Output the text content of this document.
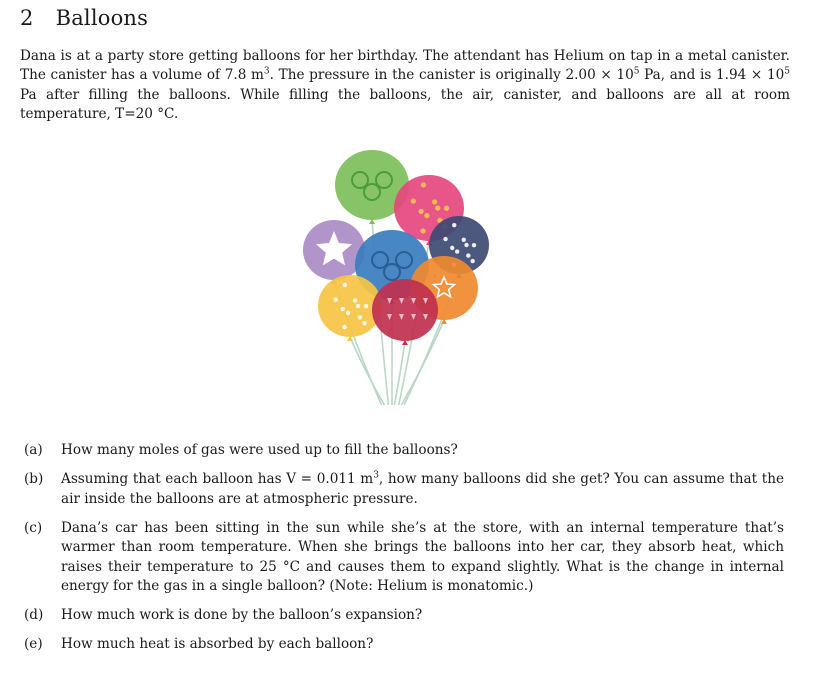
2 Balloons
Dana is at a party store getting balloons for her birthday. The attendant has Helium on tap in a metal canister. The canister has a volume of 7.8 $m^3$. The pressure in the canister is originally $2.00 \times 10^5$ Pa, and is $1.94 \times 10^5$ Pa after filling the balloons. While filling the balloons, the air, canister, and balloons are all at room temperature, T=20 °C.
(a) How many moles of gas were used up to fill the balloons?
(b) Assuming that each balloon has V = 0.011 $m^3$, how many balloons did she get? You can assume that the air inside the balloons are at atmospheric pressure.
(c) Dana’s car has been sitting in the sun while she’s at the store, with an internal temperature that’s warmer than room temperature. When she brings the balloons into her car, they absorb heat, which raises their temperature to 25 °C and causes them to expand slightly. What is the change in internal energy for the gas in a single balloon? (Note: Helium is monatomic.)
(d) How much work is done by the balloon’s expansion?
(e) How much heat is absorbed by each balloon?
